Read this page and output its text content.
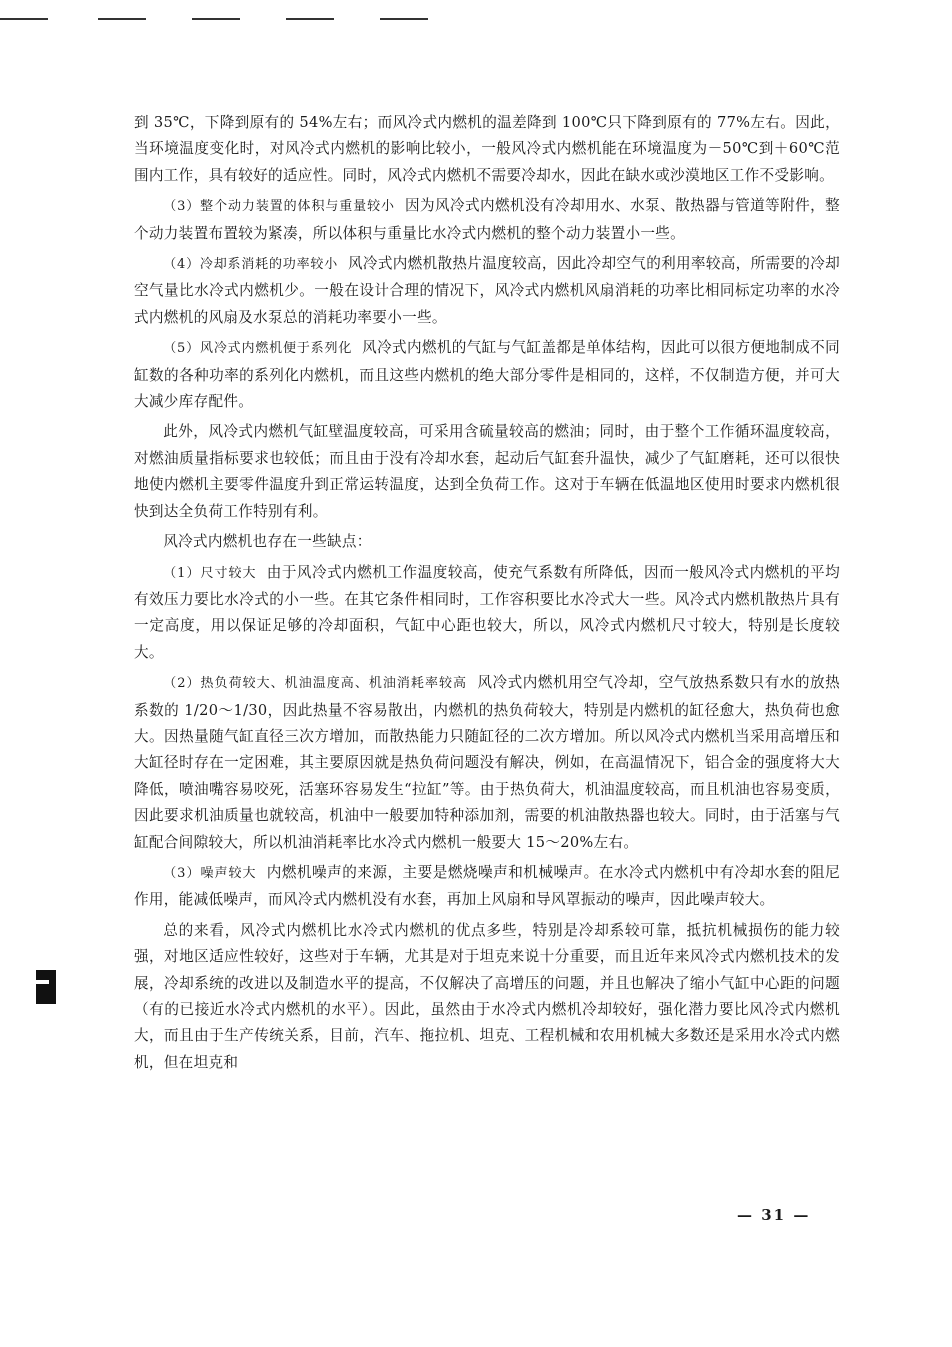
到 35℃，下降到原有的 54%左右；而风冷式内燃机的温差降到 100℃只下降到原有的 77%左右。因此，当环境温度变化时，对风冷式内燃机的影响比较小，一般风冷式内燃机能在环境温度为－50℃到＋60℃范围内工作，具有较好的适应性。同时，风冷式内燃机不需要冷却水，因此在缺水或沙漠地区工作不受影响。

（3）整个动力装置的体积与重量较小 因为风冷式内燃机没有冷却用水、水泵、散热器与管道等附件，整个动力装置布置较为紧凑，所以体积与重量比水冷式内燃机的整个动力装置小一些。

（4）冷却系消耗的功率较小 风冷式内燃机散热片温度较高，因此冷却空气的利用率较高，所需要的冷却空气量比水冷式内燃机少。一般在设计合理的情况下，风冷式内燃机风扇消耗的功率比相同标定功率的水冷式内燃机的风扇及水泵总的消耗功率要小一些。

（5）风冷式内燃机便于系列化 风冷式内燃机的气缸与气缸盖都是单体结构，因此可以很方便地制成不同缸数的各种功率的系列化内燃机，而且这些内燃机的绝大部分零件是相同的，这样，不仅制造方便，并可大大减少库存配件。

此外，风冷式内燃机气缸壁温度较高，可采用含硫量较高的燃油；同时，由于整个工作循环温度较高，对燃油质量指标要求也较低；而且由于没有冷却水套，起动后气缸套升温快，减少了气缸磨耗，还可以很快地使内燃机主要零件温度升到正常运转温度，达到全负荷工作。这对于车辆在低温地区使用时要求内燃机很快到达全负荷工作特别有利。

风冷式内燃机也存在一些缺点：

（1）尺寸较大 由于风冷式内燃机工作温度较高，使充气系数有所降低，因而一般风冷式内燃机的平均有效压力要比水冷式的小一些。在其它条件相同时，工作容积要比水冷式大一些。风冷式内燃机散热片具有一定高度，用以保证足够的冷却面积，气缸中心距也较大，所以，风冷式内燃机尺寸较大，特别是长度较大。

（2）热负荷较大、机油温度高、机油消耗率较高 风冷式内燃机用空气冷却，空气放热系数只有水的放热系数的 1/20～1/30，因此热量不容易散出，内燃机的热负荷较大，特别是内燃机的缸径愈大，热负荷也愈大。因热量随气缸直径三次方增加，而散热能力只随缸径的二次方增加。所以风冷式内燃机当采用高增压和大缸径时存在一定困难，其主要原因就是热负荷问题没有解决，例如，在高温情况下，铝合金的强度将大大降低，喷油嘴容易咬死，活塞环容易发生“拉缸”等。由于热负荷大，机油温度较高，而且机油也容易变质，因此要求机油质量也就较高，机油中一般要加特种添加剂，需要的机油散热器也较大。同时，由于活塞与气缸配合间隙较大，所以机油消耗率比水冷式内燃机一般要大 15～20%左右。

（3）噪声较大 内燃机噪声的来源，主要是燃烧噪声和机械噪声。在水冷式内燃机中有冷却水套的阻尼作用，能减低噪声，而风冷式内燃机没有水套，再加上风扇和导风罩振动的噪声，因此噪声较大。

总的来看，风冷式内燃机比水冷式内燃机的优点多些，特别是冷却系较可靠，抵抗机械损伤的能力较强，对地区适应性较好，这些对于车辆，尤其是对于坦克来说十分重要，而且近年来风冷式内燃机技术的发展，冷却系统的改进以及制造水平的提高，不仅解决了高增压的问题，并且也解决了缩小气缸中心距的问题（有的已接近水冷式内燃机的水平）。因此，虽然由于水冷式内燃机冷却较好，强化潜力要比风冷式内燃机大，而且由于生产传统关系，目前，汽车、拖拉机、坦克、工程机械和农用机械大多数还是采用水冷式内燃机，但在坦克和

— 31 —
